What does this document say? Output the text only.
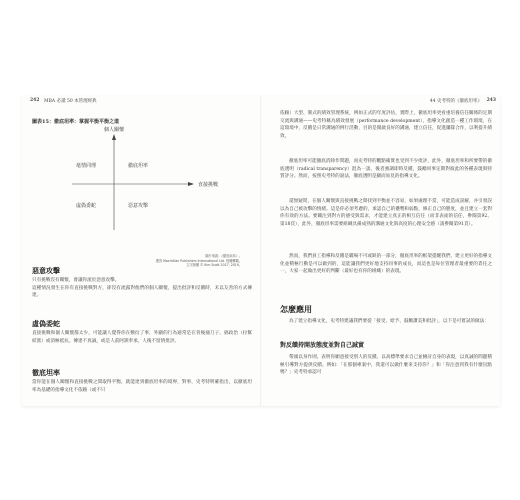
242 MBA 必讀 50 本管理經典
圖表15：徹底坦率：掌握平衡平衡之道
個人關懷
直接挑戰
毫情同理	徹底坦率
虛偽委蛇	惡意攻擊
圖片來源：《徹底坦率》。
獲得 Macmillan Publishers International Ltd. 授權轉載。
文字版權 © Kim Scott 2017, 2019。
惡意攻擊
只有挑戰沒有關懷，會讓你流於惡意攻擊。
這種情況發生在你有直接挑戰對方，卻沒有流露對他們的個人關懷，提出批評和反饋時，未以友善的方式傳達。
虛偽委蛇
直接挑戰和個人關懷都太少，可能讓人覺得你在敷衍了事，外顯的行為通常是在背後捅刀子、搞政治（拉幫結派）或消極抵抗。傳達不真誠，或是人前阿諛奉承，人後不留情批評。
徹底坦率
當你能在個人關懷和直接挑戰之間取得平衡，就能達到徹底坦率的境界，對事，史考特明確指出，以徹底坦率為基礎的指導文化不依賴（或不只
44 史考特的《徹底坦率》 243
依賴）大型、制式的績效管理系統，例如正式的年度評估，實際上，徹底坦率更看重培養信任關係的定期交流與溝通——史考特稱為績效發展（performance development），指導文化創造一種工作環境，在這環境中，反饋是日常溝通的例行活動，目的是開啟良好的溝通，建立信任，促進團隊合作，以利提升績效。
徹底坦率可能徹底消除作問題，而史考特的觀點確實也受到不少批評，此外，徹底坦率和所要帶的徹底透明（radical transparency）混為一談，後者強調即時反饋，鼓勵同事定期對彼此的各種表現與特質評分。然而，按照史考特的說法，徹底透明是顯而易見的指導文化。
還無疑問，在個人關懷與直接挑戰之間找到平衡並不容易，如果處理不當，可能造成誤解，并引發誤以為自己被攻擊的情緒。這是你必須考慮的，承認自己的優勢和弱點，修正自己的態度，並且建立一套對你有效的方法。要關注到對方的感受與需求，才能建立真正的相互信任（而非表面的信任，參閱第92、第18頁），此外，徹底坦率需要組織具備成熟的溝通文化與高度的心理安全感（請參閱第91頁）。
然而，我們員工指導和反饋是職場不可或缺的一部分，徹底坦率的框架提醒我們，建立更好的指導文化並積極行動是可以做到的，這能讓我們更好地支持同事的成長，而這也是每位管理者最重要的責任之一，大家一起做出更好的判斷（最好也有你的組織）的表現。
怎麼應用
為了建立指導文化，史考特建議我們要從「接受、給予、鼓勵讚美和批評」，以下是可嘗試的做法：
對反饋持開放態度並對自己誠實
帶頭以身作則，表明你願意接受別人的反饋。以高標準要求自己並檢討自身的表現，以真誠的問題積極引導對方提供反饋。例如：「在那個專案中，我還可以做什麼來支持你？」和「你注意到我有什麼盲點嗎？」史考特承認可
